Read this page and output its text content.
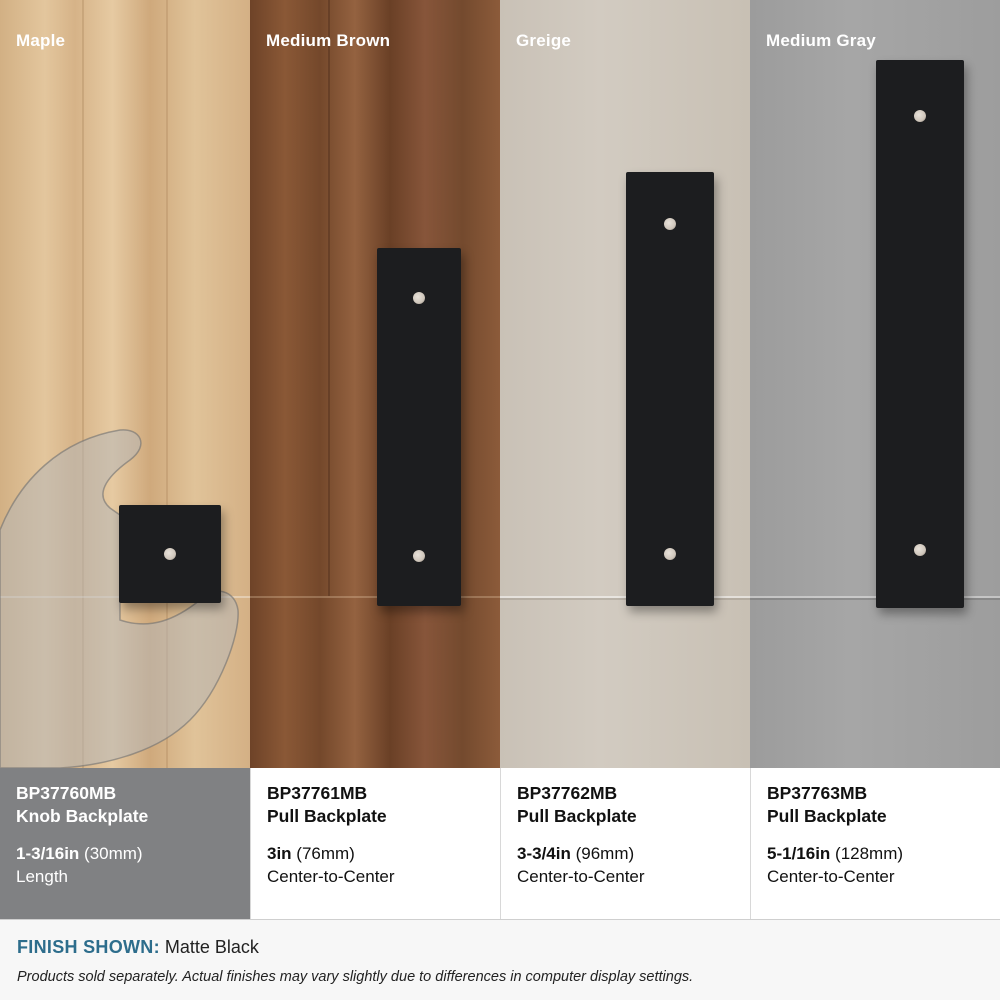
Maple	Medium Brown	Greige	Medium Gray
BP37760MB
Knob Backplate
1-3/16in (30mm)
Length
BP37761MB
Pull Backplate
3in (76mm)
Center-to-Center
BP37762MB
Pull Backplate
3-3/4in (96mm)
Center-to-Center
BP37763MB
Pull Backplate
5-1/16in (128mm)
Center-to-Center
FINISH SHOWN: Matte Black
Products sold separately. Actual finishes may vary slightly due to differences in computer display settings.
